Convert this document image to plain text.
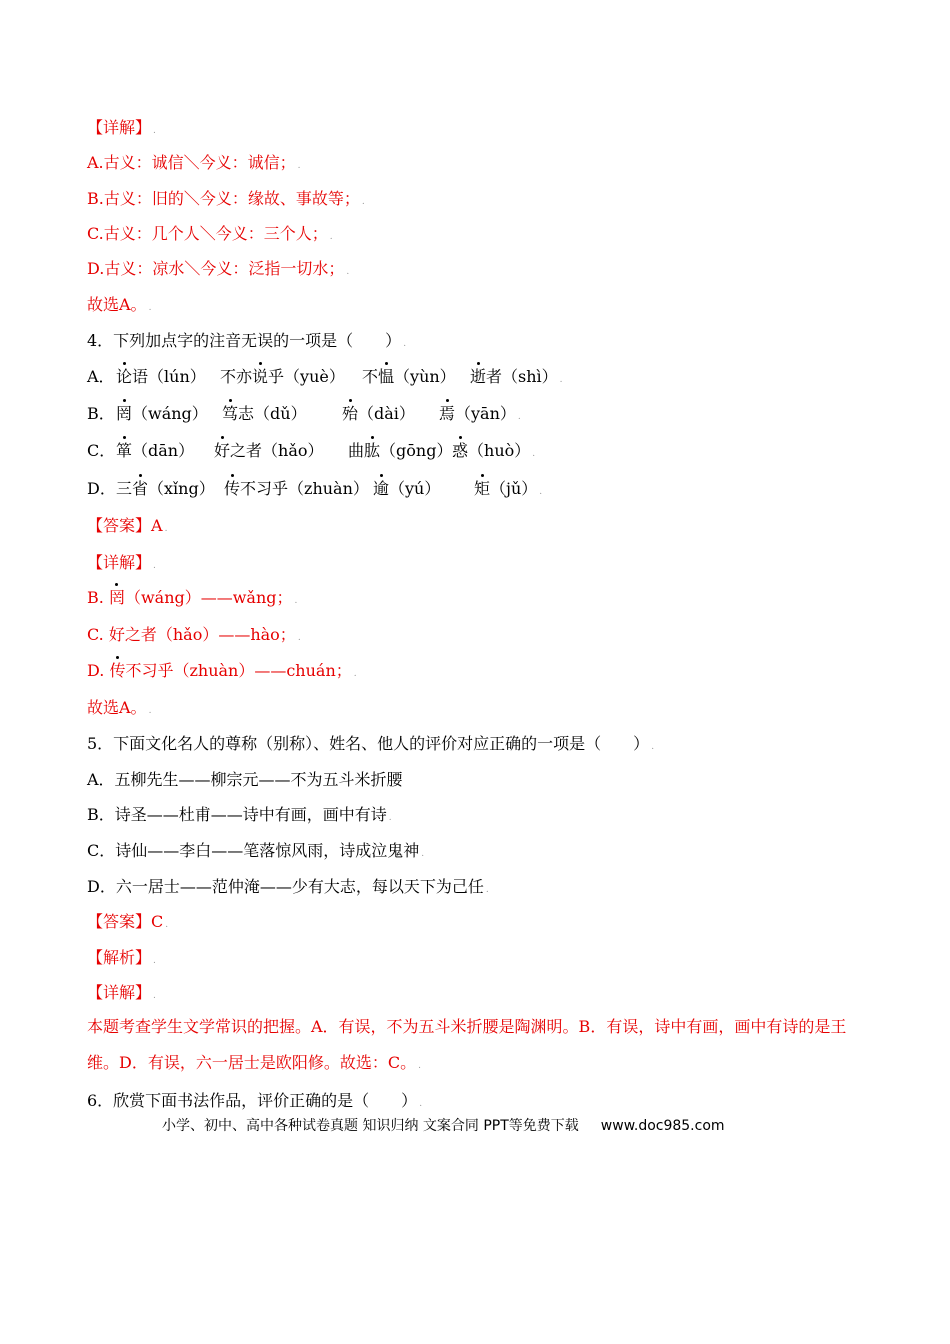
【详解】 .
A.古义：诚信＼今义：诚信； .
B.古义：旧的＼今义：缘故、事故等； .
C.古义：几个人＼今义：三个人； .
D.古义：凉水＼今义：泛指一切水； .
故选A。 .
4．下列加点字的注音无误的一项是（　　） .
A． 论语（lún） 不亦说乎（yuè） 不愠（yùn） 逝者（shì） .
B． 罔（wáng） 笃志（dǔ） 殆（dài） 焉（yān） .
C． 箪（dān） 好之者（hǎo） 曲肱（gōng） 惑（huò） .
D． 三省（xǐng） 传不习乎（zhuàn） 逾（yú） 矩（jǔ） .
【答案】A .
【详解】 .
B. 罔（wáng）——wǎng； .
C. 好之者（hǎo）——hào； .
D. 传不习乎（zhuàn）——chuán； .
故选A。 .
5．下面文化名人的尊称（别称）、姓名、他人的评价对应正确的一项是（　　） .
A．五柳先生——柳宗元——不为五斗米折腰
B．诗圣——杜甫——诗中有画，画中有诗 .
C．诗仙——李白——笔落惊风雨，诗成泣鬼神 .
D．六一居士——范仲淹——少有大志，每以天下为己任 .
【答案】C .
【解析】 .
【详解】 .
本题考查学生文学常识的把握。A．有误，不为五斗米折腰是陶渊明。B．有误，诗中有画，画中有诗的是王维。D．有误，六一居士是欧阳修。故选：C。 .
6．欣赏下面书法作品，评价正确的是（　　） .
小学、初中、高中各种试卷真题 知识归纳 文案合同 PPT等免费下载 www.doc985.com
